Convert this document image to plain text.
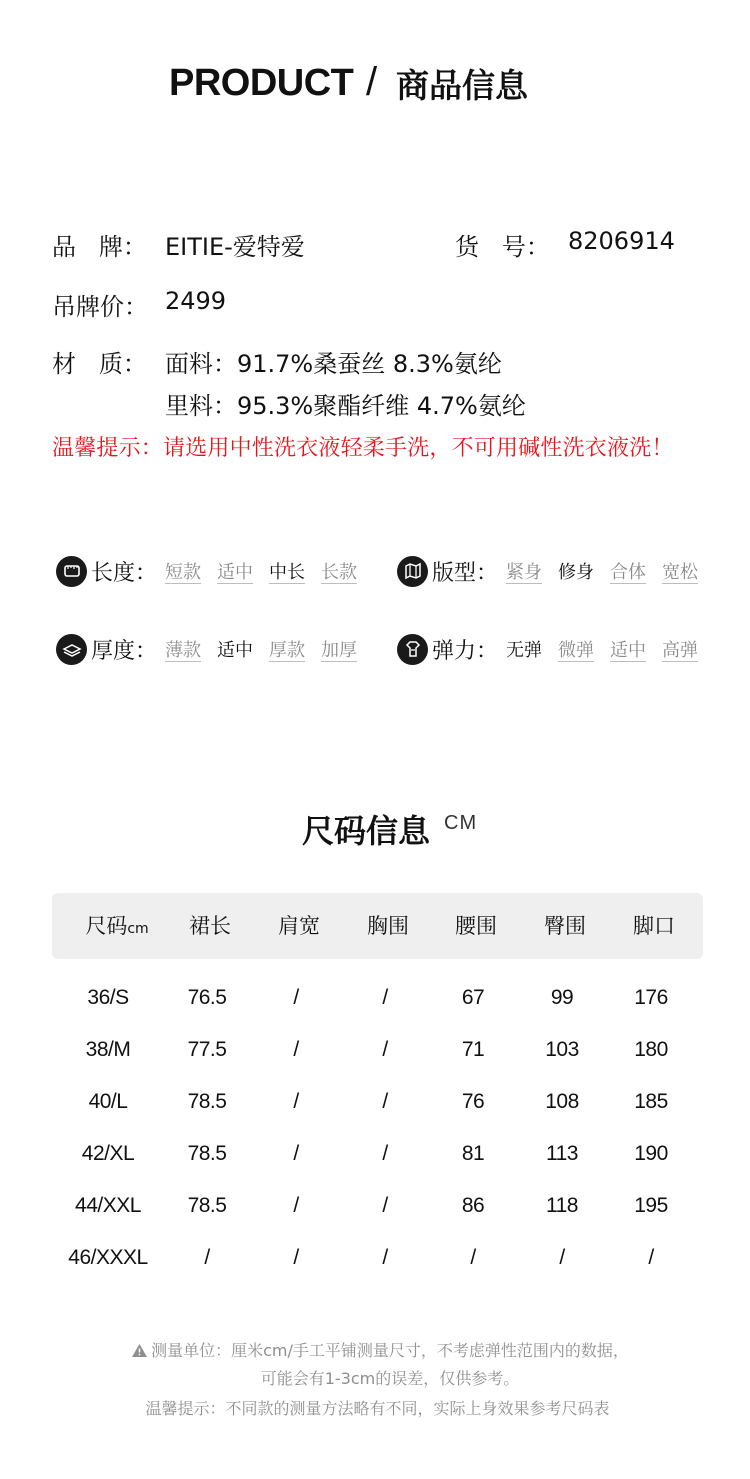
PRODUCT / 商品信息
品   牌： EITIE-爱特爱	货   号： 8206914
吊牌价： 2499
材   质： 面料：91.7%桑蚕丝 8.3%氨纶
里料：95.3%聚酯纤维 4.7%氨纶
温馨提示：请选用中性洗衣液轻柔手洗，不可用碱性洗衣液洗！
长度： 短款 适中 中长 长款	版型： 紧身 修身 合体 宽松
厚度： 薄款 适中 厚款 加厚	弹力： 无弹 微弹 适中 高弹
尺码信息 CM
尺码cm	裙长	肩宽	胸围	腰围	臀围	脚口
36/S	76.5	/	/	67	99	176
38/M	77.5	/	/	71	103	180
40/L	78.5	/	/	76	108	185
42/XL	78.5	/	/	81	113	190
44/XXL	78.5	/	/	86	118	195
46/XXXL	/	/	/	/	/	/
测量单位：厘米cm/手工平铺测量尺寸，不考虑弹性范围内的数据，
可能会有1-3cm的误差，仅供参考。
温馨提示：不同款的测量方法略有不同，实际上身效果参考尺码表
